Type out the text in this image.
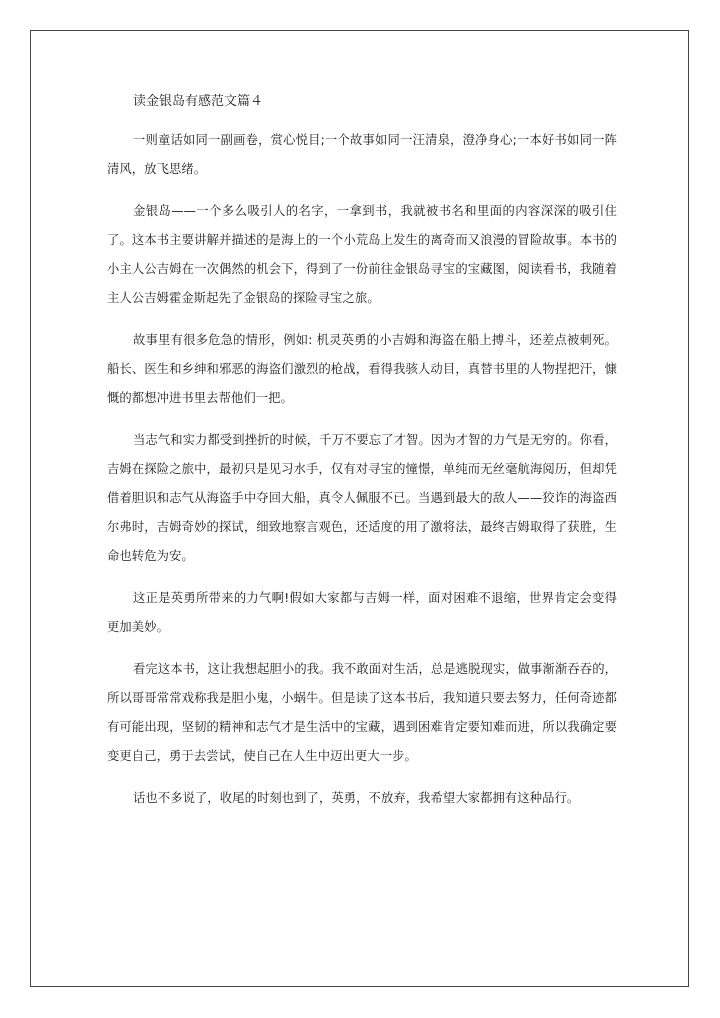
读金银岛有感范文篇４

一则童话如同一副画卷，赏心悦目;一个故事如同一汪清泉，澄净身心;一本好书如同一阵清风，放飞思绪。

金银岛——一个多么吸引人的名字，一拿到书，我就被书名和里面的内容深深的吸引住了。这本书主要讲解并描述的是海上的一个小荒岛上发生的离奇而又浪漫的冒险故事。本书的小主人公吉姆在一次偶然的机会下，得到了一份前往金银岛寻宝的宝藏图，阅读看书，我随着主人公吉姆霍金斯起先了金银岛的探险寻宝之旅。

故事里有很多危急的情形，例如: 机灵英勇的小吉姆和海盗在船上搏斗，还差点被刺死。船长、医生和乡绅和邪恶的海盗们激烈的枪战，看得我骇人动目，真替书里的人物捏把汗，慷慨的都想冲进书里去帮他们一把。

当志气和实力都受到挫折的时候，千万不要忘了才智。因为才智的力气是无穷的。你看，吉姆在探险之旅中，最初只是见习水手，仅有对寻宝的憧憬，单纯而无丝毫航海阅历，但却凭借着胆识和志气从海盗手中夺回大船，真令人佩服不已。当遇到最大的敌人——狡诈的海盗西尔弗时，吉姆奇妙的探试，细致地察言观色，还适度的用了激将法，最终吉姆取得了获胜，生命也转危为安。

这正是英勇所带来的力气啊!假如大家都与吉姆一样，面对困难不退缩，世界肯定会变得更加美妙。

看完这本书，这让我想起胆小的我。我不敢面对生活，总是逃脱现实，做事渐渐吞吞的，所以哥哥常常戏称我是胆小鬼，小蜗牛。但是读了这本书后，我知道只要去努力，任何奇迹都有可能出现，坚韧的精神和志气才是生活中的宝藏，遇到困难肯定要知难而进，所以我确定要变更自己，勇于去尝试，使自己在人生中迈出更大一步。

话也不多说了，收尾的时刻也到了，英勇，不放弃，我希望大家都拥有这种品行。
